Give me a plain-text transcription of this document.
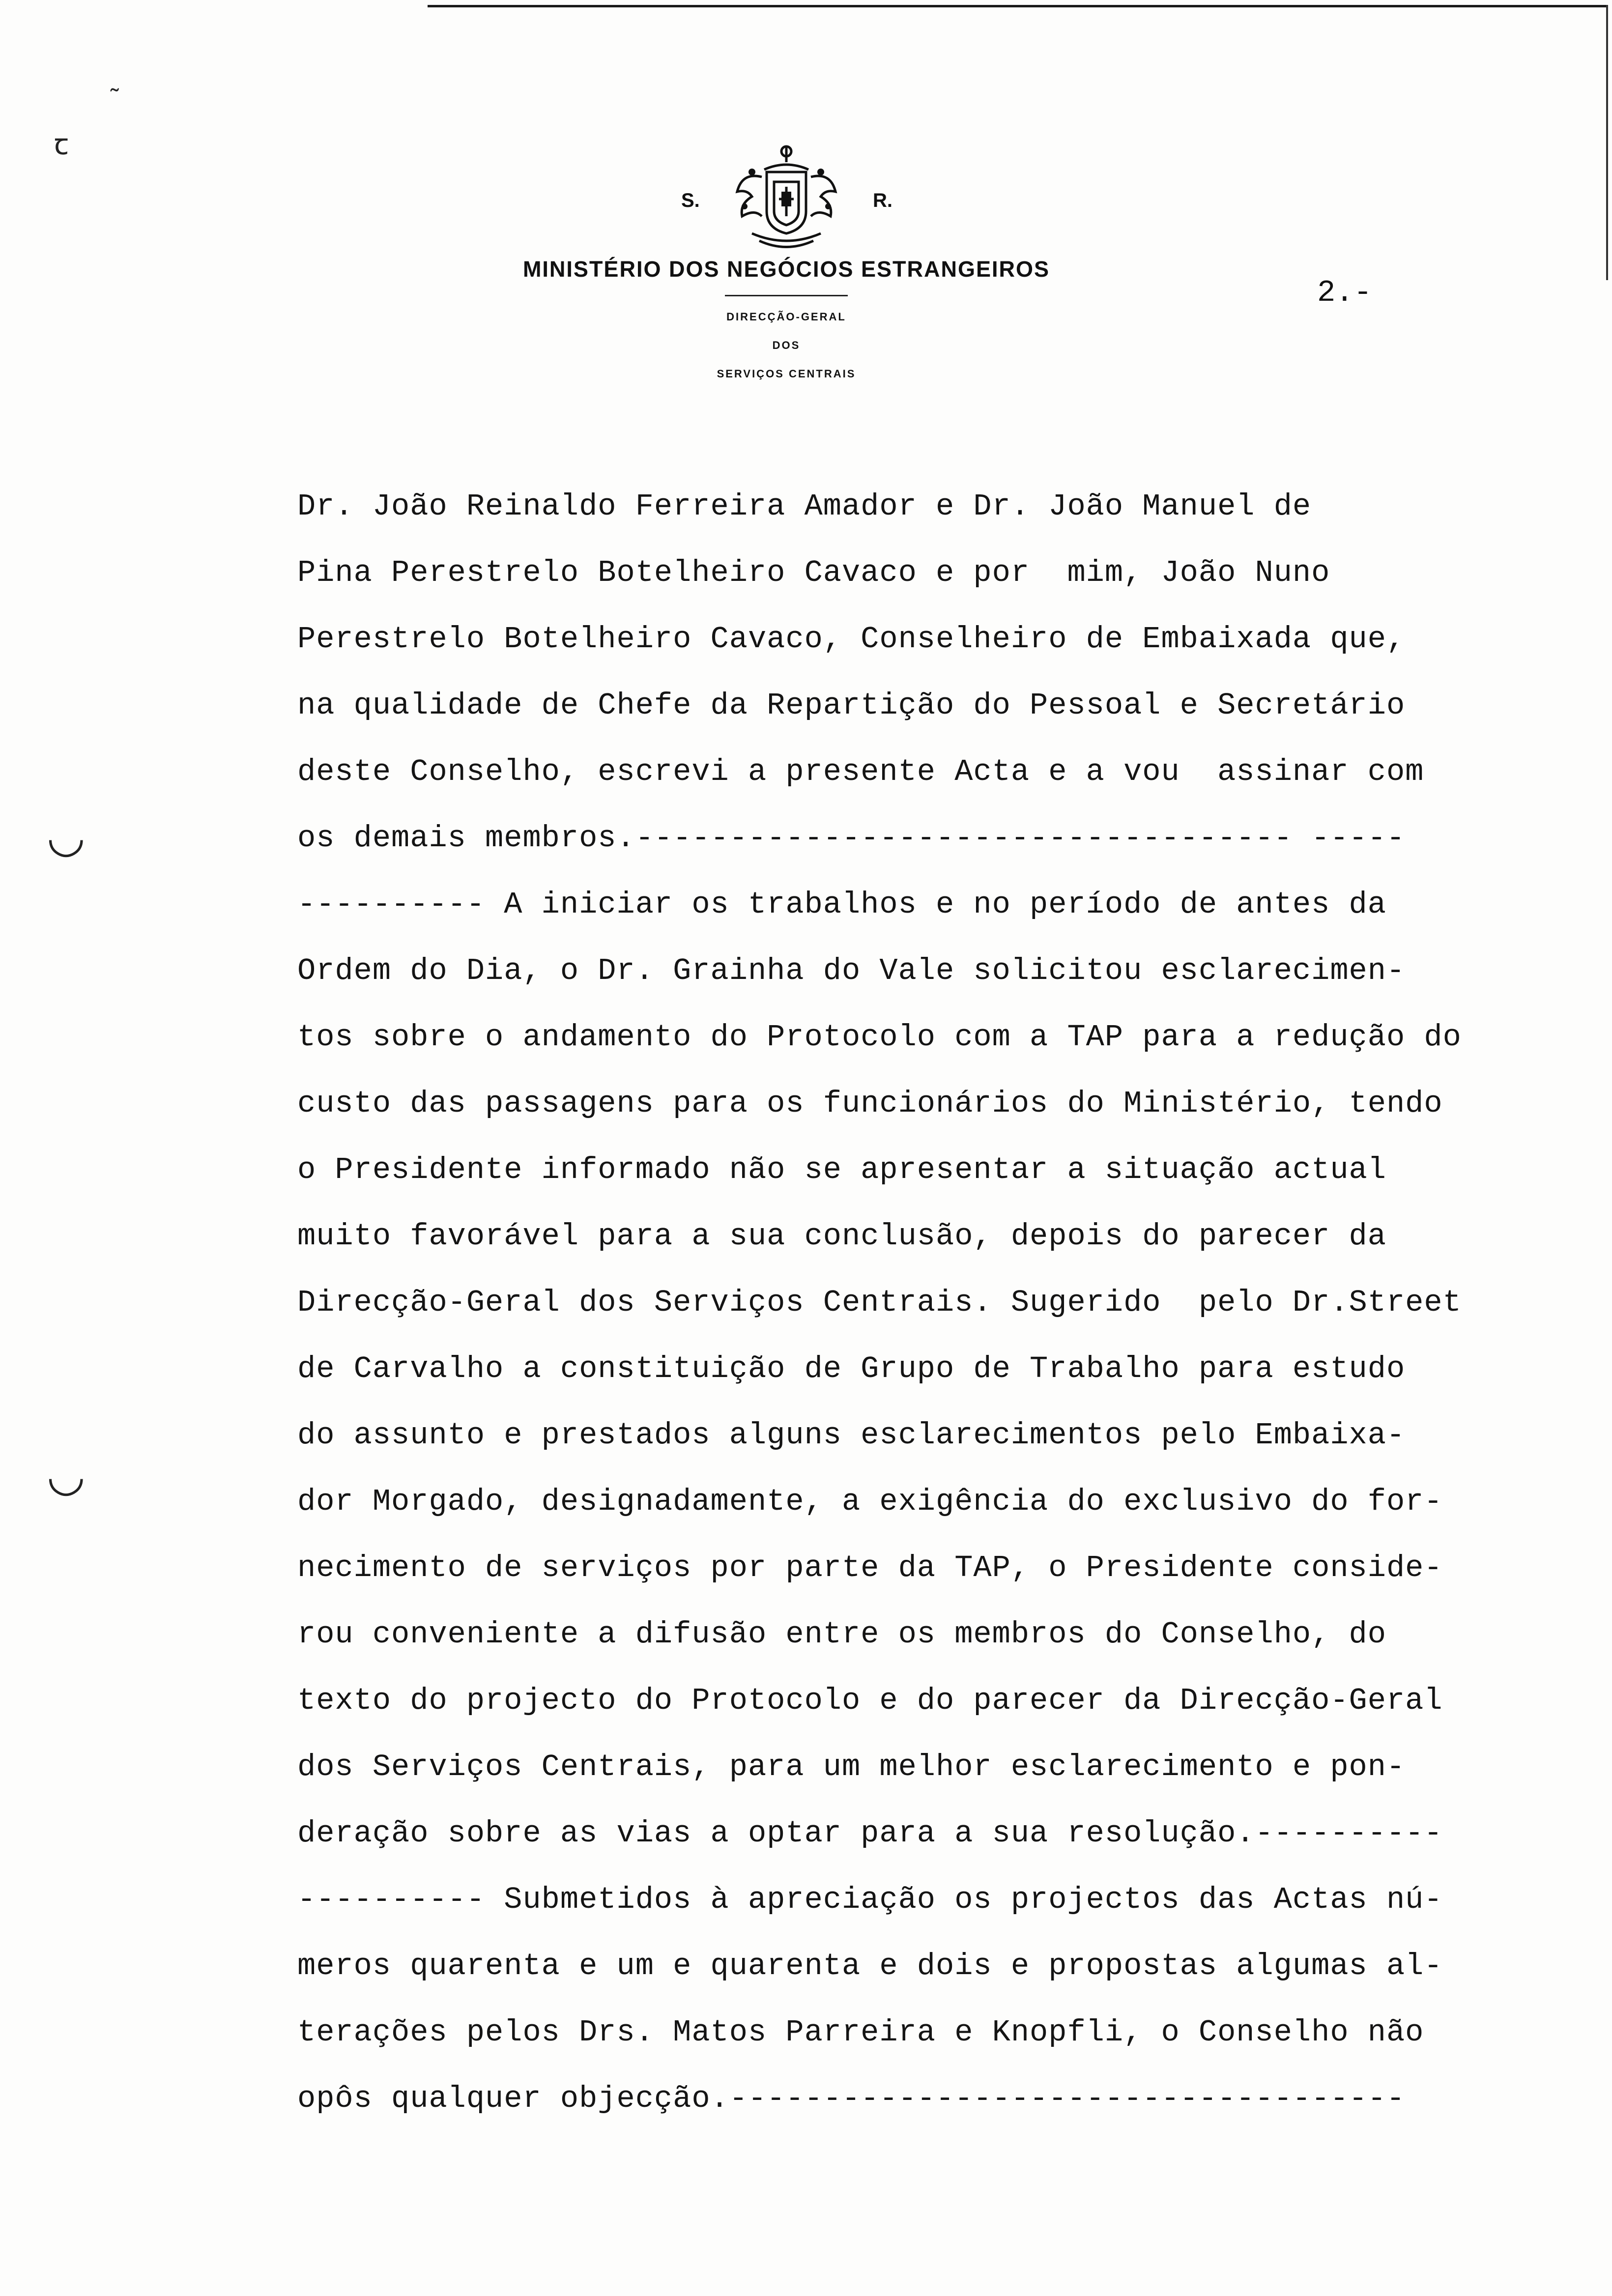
˷
ꞇ
◡
◡
S.	R.
MINISTÉRIO DOS NEGÓCIOS ESTRANGEIROS
DIRECÇÃO-GERAL
DOS
SERVIÇOS CENTRAIS
2.-
Dr. João Reinaldo Ferreira Amador e Dr. João Manuel de
Pina Perestrelo Botelheiro Cavaco e por  mim, João Nuno
Perestrelo Botelheiro Cavaco, Conselheiro de Embaixada que,
na qualidade de Chefe da Repartição do Pessoal e Secretário
deste Conselho, escrevi a presente Acta e a vou  assinar com
os demais membros.----------------------------------- -----
---------- A iniciar os trabalhos e no período de antes da
Ordem do Dia, o Dr. Grainha do Vale solicitou esclarecimen-
tos sobre o andamento do Protocolo com a TAP para a redução do
custo das passagens para os funcionários do Ministério, tendo
o Presidente informado não se apresentar a situação actual
muito favorável para a sua conclusão, depois do parecer da
Direcção-Geral dos Serviços Centrais. Sugerido  pelo Dr.Street
de Carvalho a constituição de Grupo de Trabalho para estudo
do assunto e prestados alguns esclarecimentos pelo Embaixa-
dor Morgado, designadamente, a exigência do exclusivo do for-
necimento de serviços por parte da TAP, o Presidente conside-
rou conveniente a difusão entre os membros do Conselho, do
texto do projecto do Protocolo e do parecer da Direcção-Geral
dos Serviços Centrais, para um melhor esclarecimento e pon-
deração sobre as vias a optar para a sua resolução.----------
---------- Submetidos à apreciação os projectos das Actas nú-
meros quarenta e um e quarenta e dois e propostas algumas al-
terações pelos Drs. Matos Parreira e Knopfli, o Conselho não
opôs qualquer objecção.------------------------------------
